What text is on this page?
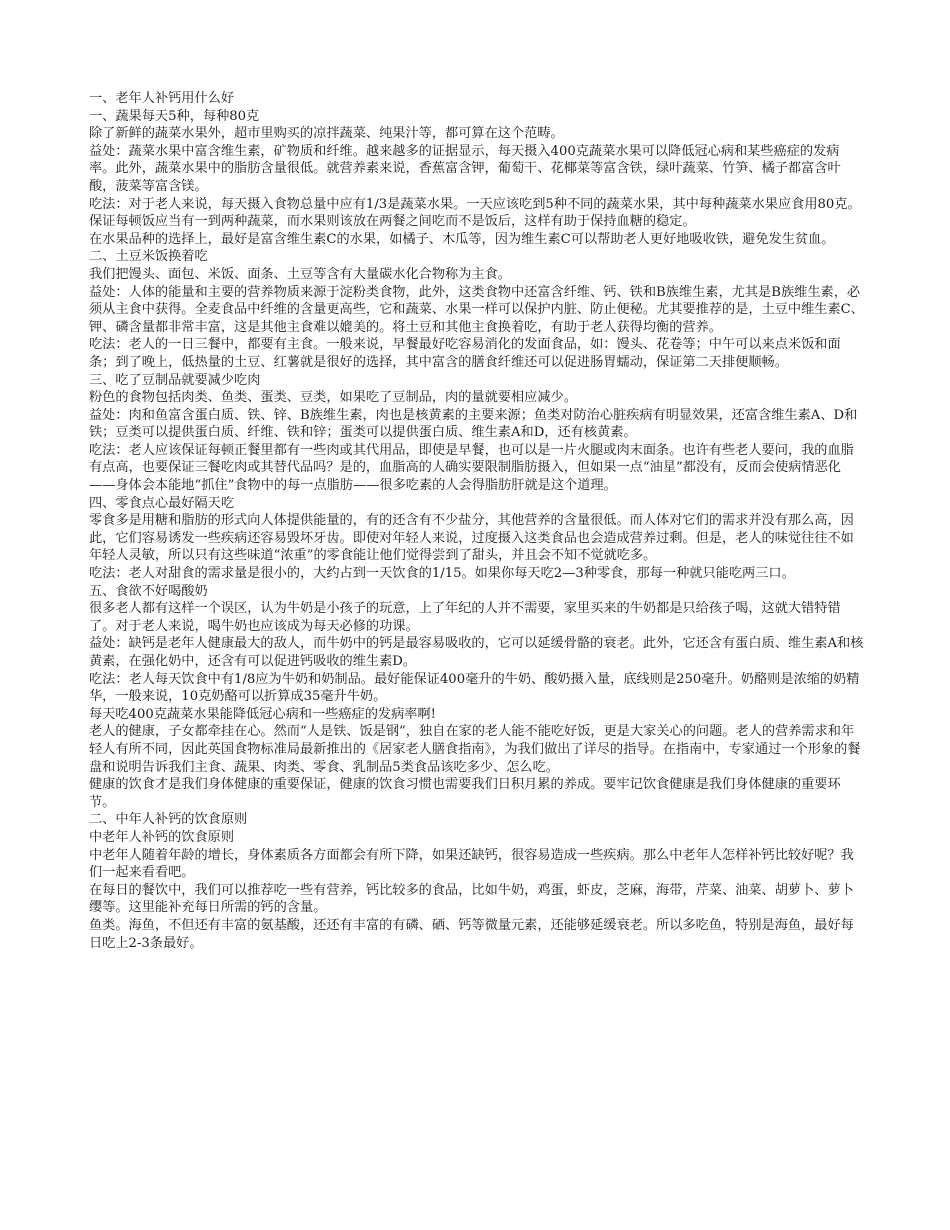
一、老年人补钙用什么好

一、蔬果每天5种，每种80克

除了新鲜的蔬菜水果外，超市里购买的凉拌蔬菜、纯果汁等，都可算在这个范畴。

益处：蔬菜水果中富含维生素，矿物质和纤维。越来越多的证据显示，每天摄入400克蔬菜水果可以降低冠心病和某些癌症的发病率。此外，蔬菜水果中的脂肪含量很低。就营养素来说，香蕉富含钾，葡萄干、花椰菜等富含铁，绿叶蔬菜、竹笋、橘子都富含叶酸，菠菜等富含镁。

吃法：对于老人来说，每天摄入食物总量中应有1/3是蔬菜水果。一天应该吃到5种不同的蔬菜水果，其中每种蔬菜水果应食用80克。保证每顿饭应当有一到两种蔬菜，而水果则该放在两餐之间吃而不是饭后，这样有助于保持血糖的稳定。

在水果品种的选择上，最好是富含维生素C的水果，如橘子、木瓜等，因为维生素C可以帮助老人更好地吸收铁，避免发生贫血。

二、土豆米饭换着吃

我们把馒头、面包、米饭、面条、土豆等含有大量碳水化合物称为主食。

益处：人体的能量和主要的营养物质来源于淀粉类食物，此外，这类食物中还富含纤维、钙、铁和B族维生素，尤其是B族维生素，必须从主食中获得。全麦食品中纤维的含量更高些，它和蔬菜、水果一样可以保护内脏、防止便秘。尤其要推荐的是，土豆中维生素C、钾、磷含量都非常丰富，这是其他主食难以媲美的。将土豆和其他主食换着吃，有助于老人获得均衡的营养。

吃法：老人的一日三餐中，都要有主食。一般来说，早餐最好吃容易消化的发面食品，如：馒头、花卷等；中午可以来点米饭和面条；到了晚上，低热量的土豆、红薯就是很好的选择，其中富含的膳食纤维还可以促进肠胃蠕动，保证第二天排便顺畅。

三、吃了豆制品就要减少吃肉

粉色的食物包括肉类、鱼类、蛋类、豆类，如果吃了豆制品，肉的量就要相应减少。

益处：肉和鱼富含蛋白质、铁、锌、B族维生素，肉也是核黄素的主要来源；鱼类对防治心脏疾病有明显效果，还富含维生素A、D和铁；豆类可以提供蛋白质、纤维、铁和锌；蛋类可以提供蛋白质、维生素A和D，还有核黄素。

吃法：老人应该保证每顿正餐里都有一些肉或其代用品，即使是早餐，也可以是一片火腿或肉末面条。也许有些老人要问，我的血脂有点高，也要保证三餐吃肉或其替代品吗？是的，血脂高的人确实要限制脂肪摄入，但如果一点“油星”都没有，反而会使病情恶化——身体会本能地“抓住”食物中的每一点脂肪——很多吃素的人会得脂肪肝就是这个道理。

四、零食点心最好隔天吃

零食多是用糖和脂肪的形式向人体提供能量的，有的还含有不少盐分，其他营养的含量很低。而人体对它们的需求并没有那么高，因此，它们容易诱发一些疾病还容易毁坏牙齿。即使对年轻人来说，过度摄入这类食品也会造成营养过剩。但是，老人的味觉往往不如年轻人灵敏，所以只有这些味道“浓重”的零食能让他们觉得尝到了甜头，并且会不知不觉就吃多。

吃法：老人对甜食的需求量是很小的，大约占到一天饮食的1/15。如果你每天吃2—3种零食，那每一种就只能吃两三口。

五、食欲不好喝酸奶

很多老人都有这样一个误区，认为牛奶是小孩子的玩意，上了年纪的人并不需要，家里买来的牛奶都是只给孩子喝，这就大错特错了。对于老人来说，喝牛奶也应该成为每天必修的功课。

益处：缺钙是老年人健康最大的敌人，而牛奶中的钙是最容易吸收的，它可以延缓骨骼的衰老。此外，它还含有蛋白质、维生素A和核黄素，在强化奶中，还含有可以促进钙吸收的维生素D。

吃法：老人每天饮食中有1/8应为牛奶和奶制品。最好能保证400毫升的牛奶、酸奶摄入量，底线则是250毫升。奶酪则是浓缩的奶精华，一般来说，10克奶酪可以折算成35毫升牛奶。

每天吃400克蔬菜水果能降低冠心病和一些癌症的发病率啊!

老人的健康，子女都牵挂在心。然而“人是铁、饭是钢”，独自在家的老人能不能吃好饭，更是大家关心的问题。老人的营养需求和年轻人有所不同，因此英国食物标准局最新推出的《居家老人膳食指南》，为我们做出了详尽的指导。在指南中，专家通过一个形象的餐盘和说明告诉我们主食、蔬果、肉类、零食、乳制品5类食品该吃多少、怎么吃。

健康的饮食才是我们身体健康的重要保证，健康的饮食习惯也需要我们日积月累的养成。要牢记饮食健康是我们身体健康的重要环节。

二、中年人补钙的饮食原则

中老年人补钙的饮食原则

中老年人随着年龄的增长，身体素质各方面都会有所下降，如果还缺钙，很容易造成一些疾病。那么中老年人怎样补钙比较好呢？我们一起来看看吧。

在每日的餐饮中，我们可以推荐吃一些有营养，钙比较多的食品，比如牛奶，鸡蛋，虾皮，芝麻，海带，芹菜、油菜、胡萝卜、萝卜缨等。这里能补充每日所需的钙的含量。

鱼类。海鱼，不但还有丰富的氨基酸，还还有丰富的有磷、硒、钙等微量元素，还能够延缓衰老。所以多吃鱼，特别是海鱼，最好每日吃上2-3条最好。
